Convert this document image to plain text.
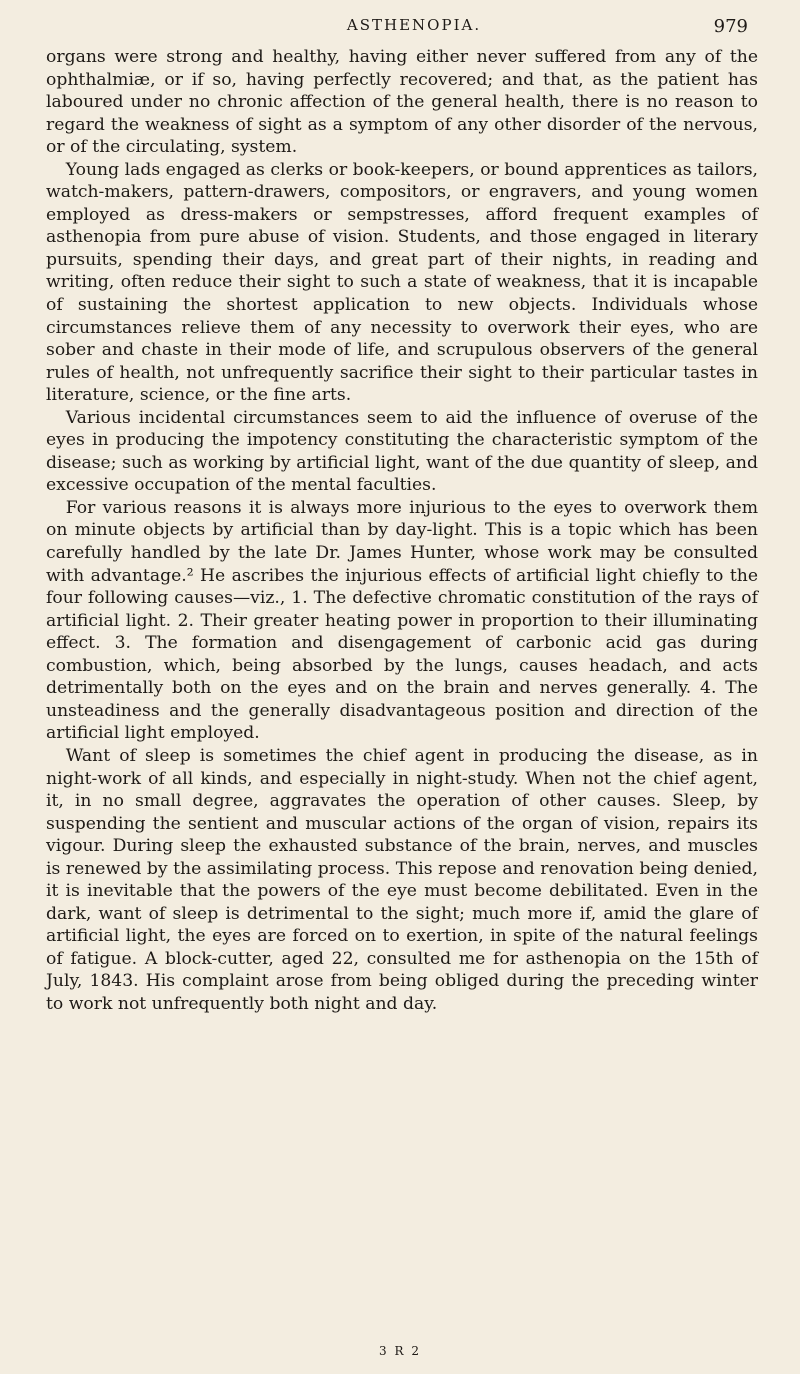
ASTHENOPIA.	979

organs were strong and healthy, having either never suffered from any of the ophthalmiæ, or if so, having perfectly recovered; and that, as the patient has laboured under no chronic affection of the general health, there is no reason to regard the weakness of sight as a symptom of any other disorder of the nervous, or of the circulating, system.

Young lads engaged as clerks or book-keepers, or bound apprentices as tailors, watch-makers, pattern-drawers, compositors, or engravers, and young women employed as dress-makers or sempstresses, afford frequent examples of asthenopia from pure abuse of vision. Students, and those engaged in literary pursuits, spending their days, and great part of their nights, in reading and writing, often reduce their sight to such a state of weakness, that it is incapable of sustaining the shortest application to new objects. Individuals whose circumstances relieve them of any necessity to overwork their eyes, who are sober and chaste in their mode of life, and scrupulous observers of the general rules of health, not unfrequently sacrifice their sight to their particular tastes in literature, science, or the fine arts.

Various incidental circumstances seem to aid the influence of overuse of the eyes in producing the impotency constituting the characteristic symptom of the disease; such as working by artificial light, want of the due quantity of sleep, and excessive occupation of the mental faculties.

For various reasons it is always more injurious to the eyes to overwork them on minute objects by artificial than by day-light. This is a topic which has been carefully handled by the late Dr. James Hunter, whose work may be consulted with advantage.² He ascribes the injurious effects of artificial light chiefly to the four following causes—viz., 1. The defective chromatic constitution of the rays of artificial light. 2. Their greater heating power in proportion to their illuminating effect. 3. The formation and disengagement of carbonic acid gas during combustion, which, being absorbed by the lungs, causes headach, and acts detrimentally both on the eyes and on the brain and nerves generally. 4. The unsteadiness and the generally disadvantageous position and direction of the artificial light employed.

Want of sleep is sometimes the chief agent in producing the disease, as in night-work of all kinds, and especially in night-study. When not the chief agent, it, in no small degree, aggravates the operation of other causes. Sleep, by suspending the sentient and muscular actions of the organ of vision, repairs its vigour. During sleep the exhausted substance of the brain, nerves, and muscles is renewed by the assimilating process. This repose and renovation being denied, it is inevitable that the powers of the eye must become debilitated. Even in the dark, want of sleep is detrimental to the sight; much more if, amid the glare of artificial light, the eyes are forced on to exertion, in spite of the natural feelings of fatigue. A block-cutter, aged 22, consulted me for asthenopia on the 15th of July, 1843. His complaint arose from being obliged during the preceding winter to work not unfrequently both night and day.

3 R 2
